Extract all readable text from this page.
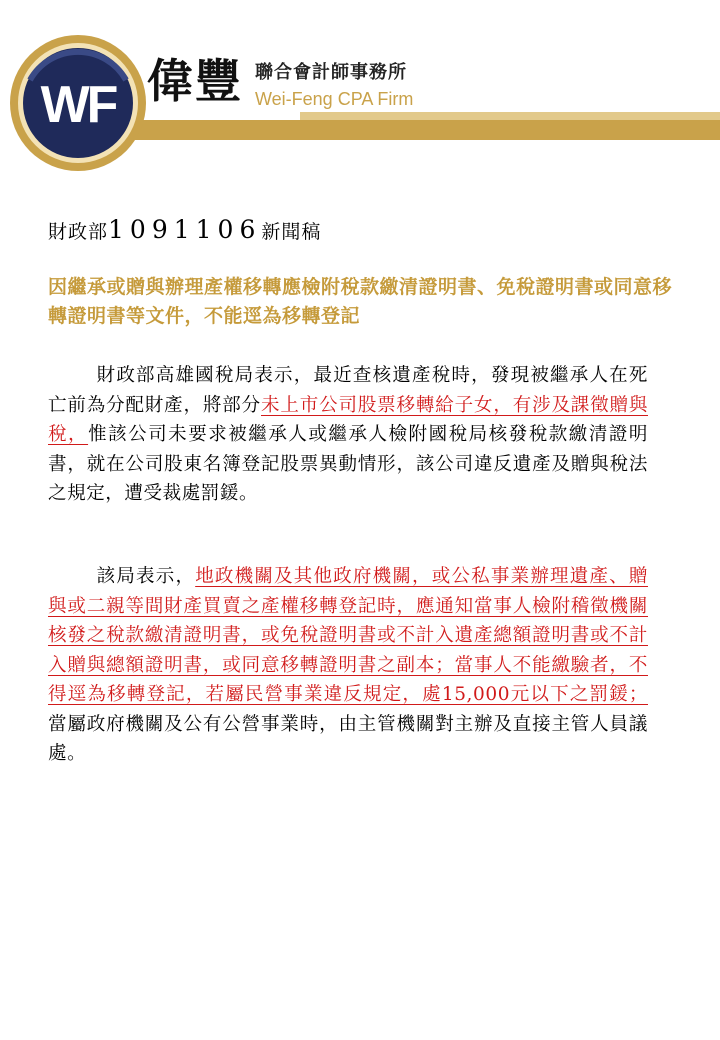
WF 偉豐 聯合會計師事務所
Wei-Feng CPA Firm
財政部1091106新聞稿
因繼承或贈與辦理產權移轉應檢附稅款繳清證明書、免稅證明書或同意移轉證明書等文件，不能逕為移轉登記
財政部高雄國稅局表示，最近查核遺產稅時，發現被繼承人在死亡前為分配財產，將部分未上市公司股票移轉給子女，有涉及課徵贈與稅，惟該公司未要求被繼承人或繼承人檢附國稅局核發稅款繳清證明書，就在公司股東名簿登記股票異動情形，該公司違反遺產及贈與稅法之規定，遭受裁處罰鍰。
該局表示，地政機關及其他政府機關，或公私事業辦理遺產、贈與或二親等間財產買賣之產權移轉登記時，應通知當事人檢附稽徵機關核發之稅款繳清證明書，或免稅證明書或不計入遺產總額證明書或不計入贈與總額證明書，或同意移轉證明書之副本；當事人不能繳驗者，不得逕為移轉登記，若屬民營事業違反規定，處15,000元以下之罰鍰；當屬政府機關及公有公營事業時，由主管機關對主辦及直接主管人員議處。
